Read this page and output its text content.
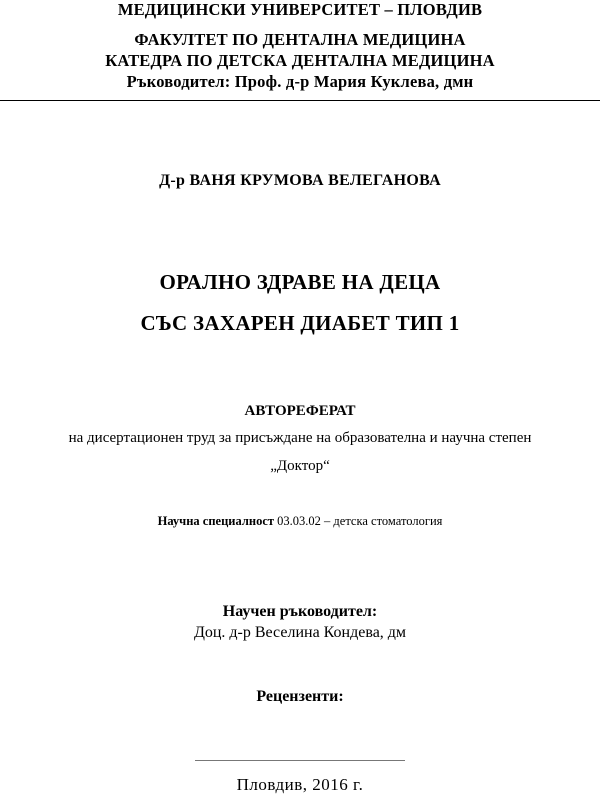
МЕДИЦИНСКИ УНИВЕРСИТЕТ – ПЛОВДИВ
ФАКУЛТЕТ ПО ДЕНТАЛНА МЕДИЦИНА
КАТЕДРА ПО ДЕТСКА ДЕНТАЛНА МЕДИЦИНА
Ръководител: Проф. д-р Мария Куклева, дмн
Д-р ВАНЯ КРУМОВА ВЕЛЕГАНОВА
ОРАЛНО ЗДРАВЕ НА ДЕЦА
СЪС ЗАХАРЕН ДИАБЕТ ТИП 1
АВТОРЕФЕРАТ
на дисертационен труд за присъждане на образователна и научна степен
„Доктор“
Научна специалност 03.03.02 – детска стоматология
Научен ръководител:
Доц. д-р Веселина Кондева, дм
Рецензенти:
Пловдив, 2016 г.
